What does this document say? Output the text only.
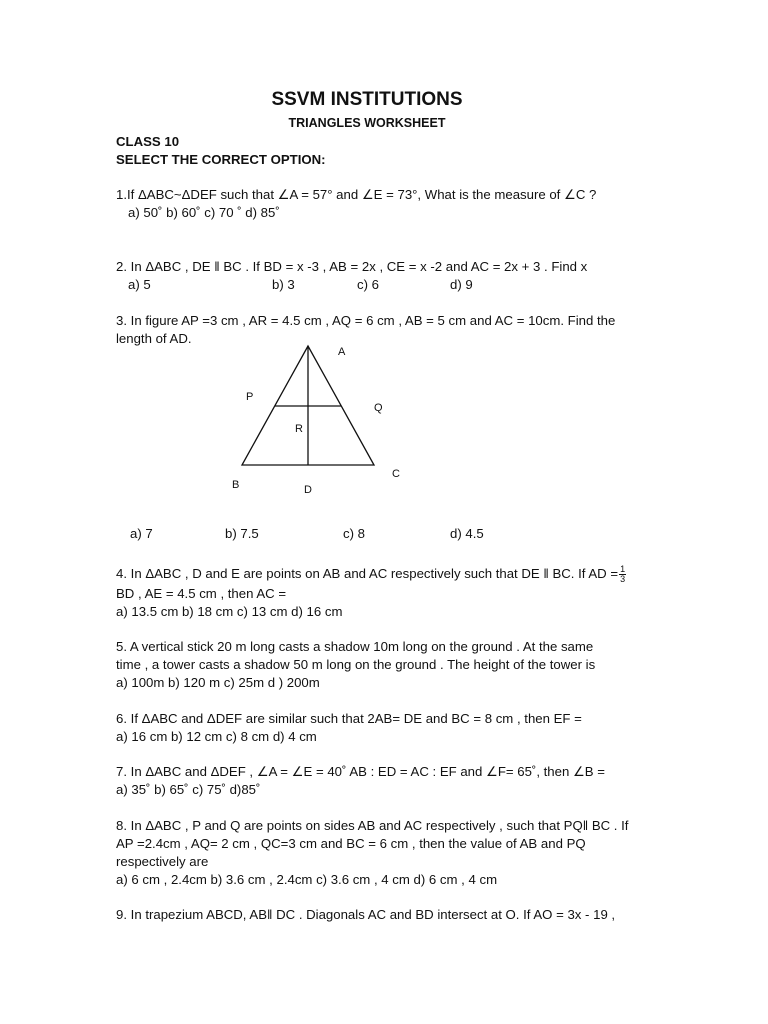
SSVM INSTITUTIONS
TRIANGLES WORKSHEET
CLASS 10
SELECT THE CORRECT OPTION:
1.If ΔABC~ΔDEF such that ∠A = 57° and ∠E = 73°, What is the measure of ∠C ?
a) 50˚ b) 60˚ c) 70 ˚ d) 85˚
2. In ΔABC , DE ǁ BC . If BD = x -3 , AB = 2x , CE = x -2 and AC = 2x + 3 . Find x
a) 5	b) 3	c) 6	d) 9
3. In figure AP =3 cm , AR = 4.5 cm , AQ = 6 cm , AB = 5 cm and AC = 10cm. Find the
length of AD.
A
P
Q
R
C
B	D
a) 7	b) 7.5	c) 8	d) 4.5
4. In ΔABC , D and E are points on AB and AC respectively such that DE ǁ BC. If AD = $\frac{1}{3}$
BD , AE = 4.5 cm , then AC =
a) 13.5 cm b) 18 cm c) 13 cm d) 16 cm
5. A vertical stick 20 m long casts a shadow 10m long on the ground . At the same
time , a tower casts a shadow 50 m long on the ground . The height of the tower is
a) 100m b) 120 m c) 25m d ) 200m
6. If ΔABC and ΔDEF are similar such that 2AB= DE and BC = 8 cm , then EF =
a) 16 cm b) 12 cm c) 8 cm d) 4 cm
7. In ΔABC and ΔDEF , ∠A = ∠E = 40˚ AB : ED = AC : EF and ∠F= 65˚, then ∠B =
a) 35˚ b) 65˚ c) 75˚ d)85˚
8. In ΔABC , P and Q are points on sides AB and AC respectively , such that PQǁ BC . If
AP =2.4cm , AQ= 2 cm , QC=3 cm and BC = 6 cm , then the value of AB and PQ
respectively are
a) 6 cm , 2.4cm b) 3.6 cm , 2.4cm c) 3.6 cm , 4 cm d) 6 cm , 4 cm
9. In trapezium ABCD, ABǁ DC . Diagonals AC and BD intersect at O. If AO = 3x - 19 ,
